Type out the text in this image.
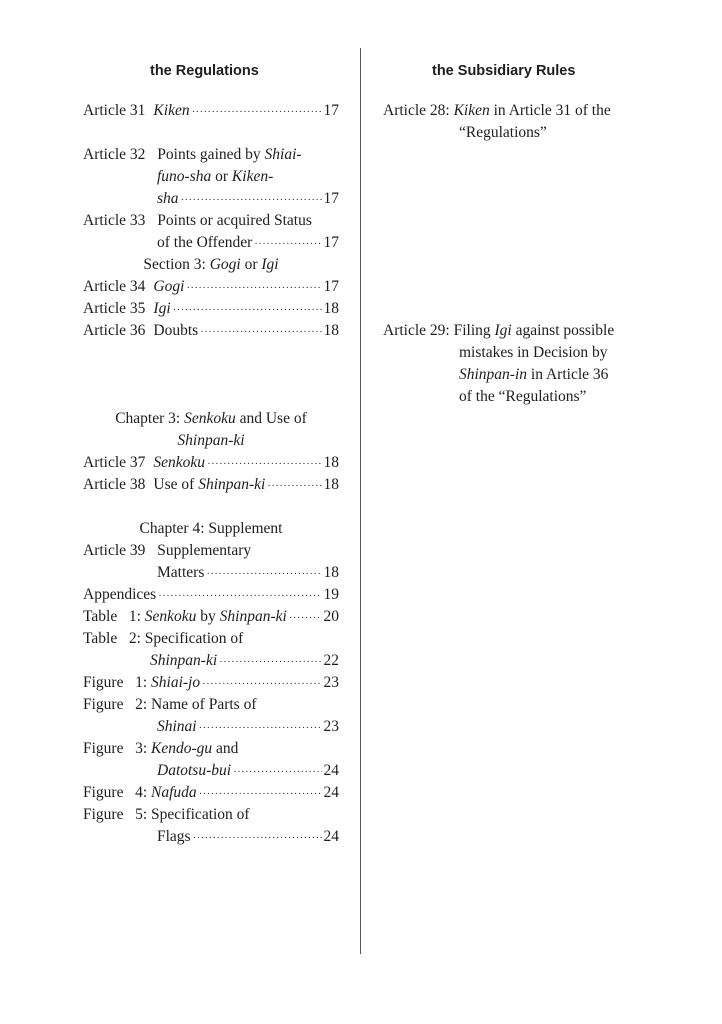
the Regulations	the Subsidiary Rules
Article 31 Kiken ·····	17
Article 32 Points gained by Shiai-
funo-sha or Kiken-
sha ·····	17
Article 33 Points or acquired Status
of the Offender ·····	17
Section 3: Gogi or Igi
Article 34 Gogi ·····	17
Article 35 Igi ·····	18
Article 36 Doubts ·····	18
Chapter 3: Senkoku and Use of
Shinpan-ki
Article 37 Senkoku ·····	18
Article 38 Use of Shinpan-ki ·····	18
Chapter 4: Supplement
Article 39 Supplementary
Matters ·····	18
Appendices ·····	19
Table   1: Senkoku by Shinpan-ki ····· 20
Table   2: Specification of
Shinpan-ki ·····	22
Figure   1: Shiai-jo ·····	23
Figure   2: Name of Parts of
Shinai ·····	23
Figure   3: Kendo-gu and
Datotsu-bui ·····	24
Figure   4: Nafuda ·····	24
Figure   5: Specification of
Flags ·····	24
Article 28: Kiken in Article 31 of the
“Regulations”
Article 29: Filing Igi against possible
mistakes in Decision by
Shinpan-in in Article 36
of the “Regulations”
